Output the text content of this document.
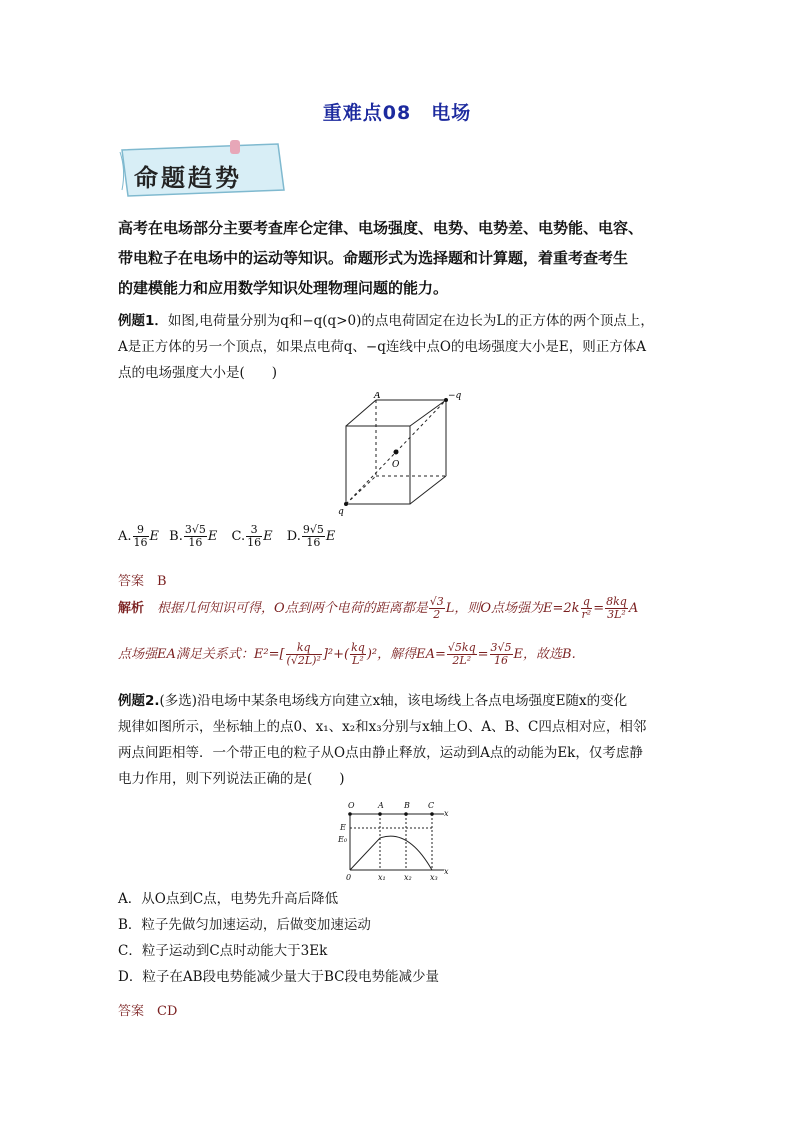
重难点08　电场
命题趋势
高考在电场部分主要考查库仑定律、电场强度、电势、电势差、电势能、电容、
带电粒子在电场中的运动等知识。命题形式为选择题和计算题，着重考查考生
的建模能力和应用数学知识处理物理问题的能力。
例题1．如图,电荷量分别为q和−q(q>0)的点电荷固定在边长为L的正方体的两个顶点上，
A是正方体的另一个顶点，如果点电荷q、−q连线中点O的电场强度大小是E，则正方体A
点的电场强度大小是(　　)
A	−q
O
q
A. $\frac{9}{16}$ E B. $\frac{3√5}{16}$ E C. $\frac{3}{16}$ E D. $\frac{9√5}{16}$ E
答案　 B
解析　 根据几何知识可得，O点到两个电荷的距离都是 $\frac{√3}{2}$ L，则O点场强为$E=2k \frac{q}{\text{r²}} = \frac{8kq}{\text{3L²}}$ A
点场强EA满足关系式：$E^2=[ \frac{kq}{\text{(√2L)²}} ]^2+( \frac{kq}{\text{L²}} )^2$，解得$EA= \frac{√5kq}{\text{2L²}} = \frac{3√5}{16}$ E，故选B.
例题2.(多选)沿电场中某条电场线方向建立x轴，该电场线上各点电场强度E随x的变化
规律如图所示，坐标轴上的点0、x₁、x₂和x₃分别与x轴上O、A、B、C四点相对应，相邻
两点间距相等．一个带正电的粒子从O点由静止释放，运动到A点的动能为Ek，仅考虑静
电力作用，则下列说法正确的是(　　)
O	A	B C
x
E
E₀
0	x₁ x₂ x₃
x
A．从O点到C点，电势先升高后降低
B．粒子先做匀加速运动，后做变加速运动
C．粒子运动到C点时动能大于3Ek
D．粒子在AB段电势能减少量大于BC段电势能减少量
答案　 CD
